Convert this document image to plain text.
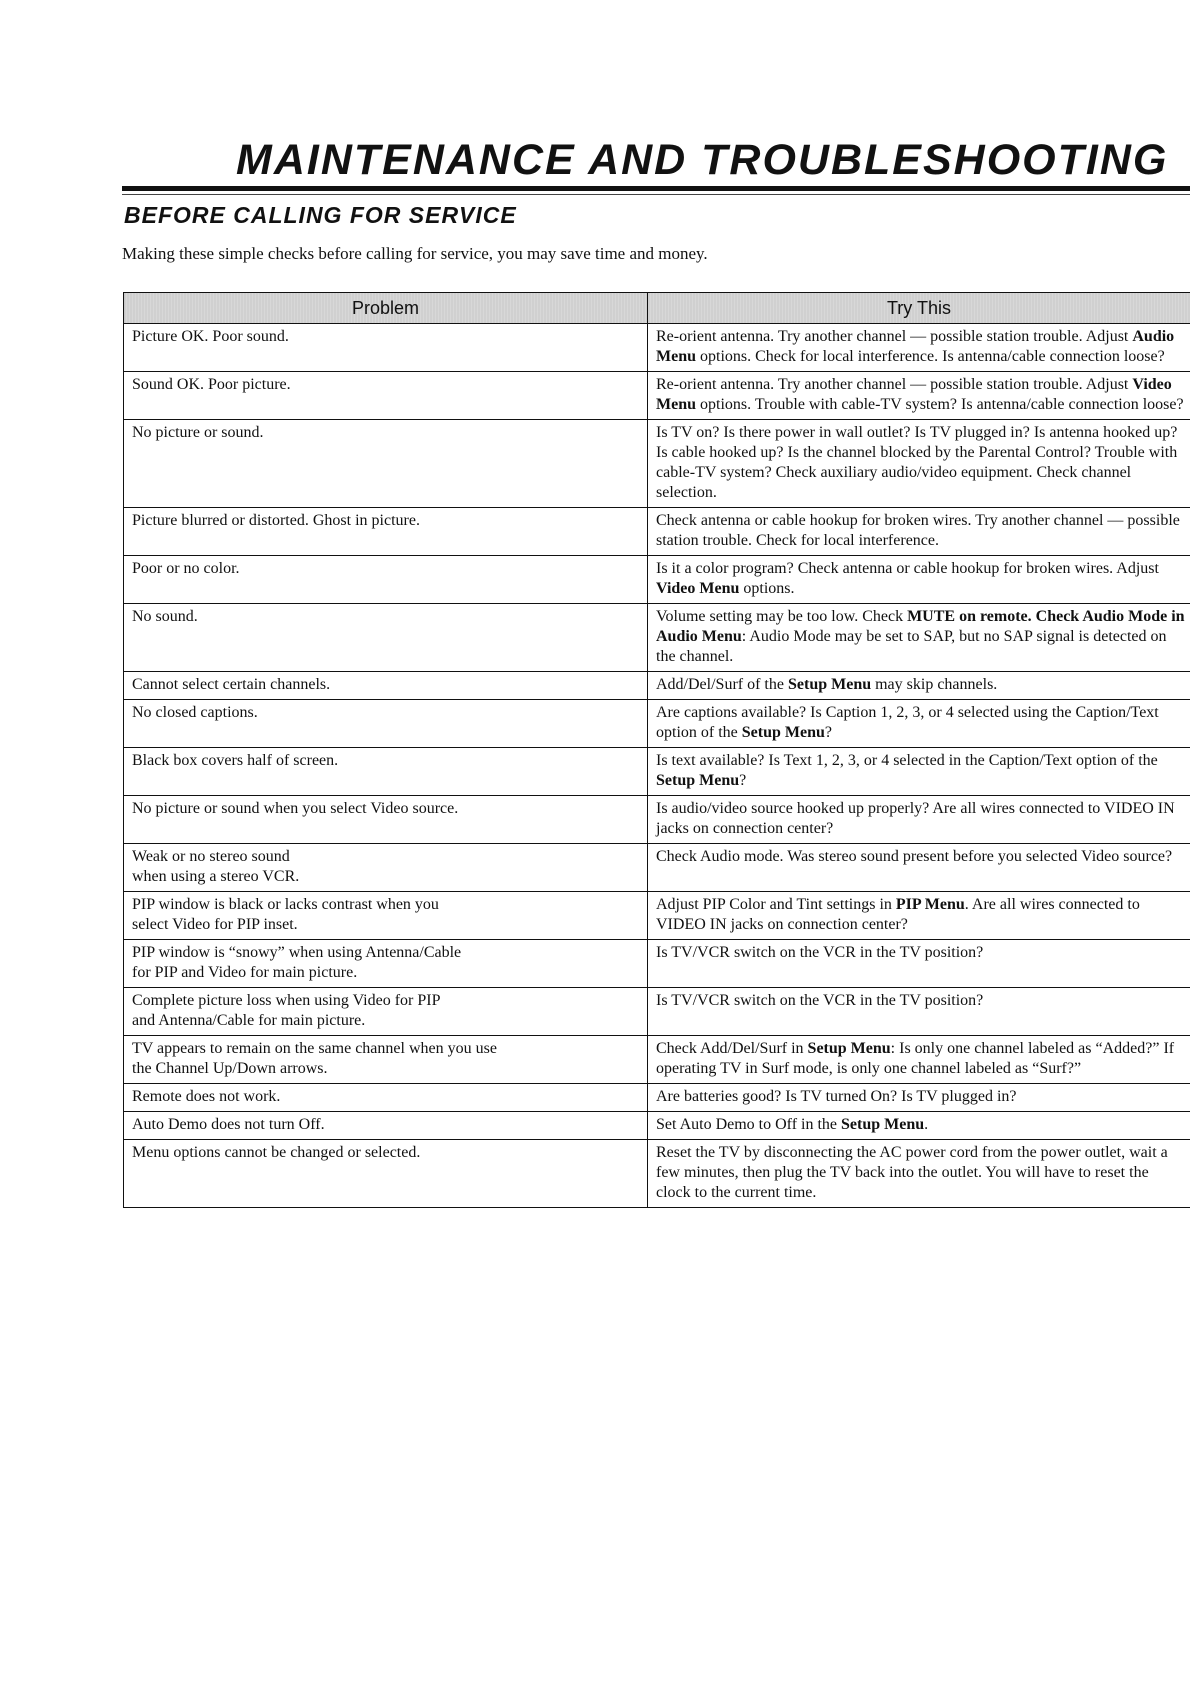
MAINTENANCE AND TROUBLESHOOTING
BEFORE CALLING FOR SERVICE
Making these simple checks before calling for service, you may save time and money.
Problem	Try This
Picture OK. Poor sound.	Re-orient antenna. Try another channel — possible station trouble. Adjust Audio Menu options. Check for local interference. Is antenna/cable connection loose?
Sound OK. Poor picture.	Re-orient antenna. Try another channel — possible station trouble. Adjust Video Menu options. Trouble with cable-TV system? Is antenna/cable connection loose?
No picture or sound.	Is TV on? Is there power in wall outlet? Is TV plugged in? Is antenna hooked up? Is cable hooked up? Is the channel blocked by the Parental Control? Trouble with cable-TV system? Check auxiliary audio/video equipment. Check channel selection.
Picture blurred or distorted. Ghost in picture.	Check antenna or cable hookup for broken wires. Try another channel — possible station trouble. Check for local interference.
Poor or no color.	Is it a color program? Check antenna or cable hookup for broken wires. Adjust Video Menu options.
No sound.	Volume setting may be too low. Check MUTE on remote. Check Audio Mode in Audio Menu: Audio Mode may be set to SAP, but no SAP signal is detected on the channel.
Cannot select certain channels.	Add/Del/Surf of the Setup Menu may skip channels.
No closed captions.	Are captions available? Is Caption 1, 2, 3, or 4 selected using the Caption/Text option of the Setup Menu?
Black box covers half of screen.	Is text available? Is Text 1, 2, 3, or 4 selected in the Caption/Text option of the Setup Menu?
No picture or sound when you select Video source.	Is audio/video source hooked up properly? Are all wires connected to VIDEO IN jacks on connection center?
Weak or no stereo sound
when using a stereo VCR.	Check Audio mode. Was stereo sound present before you selected Video source?
PIP window is black or lacks contrast when you
select Video for PIP inset.	Adjust PIP Color and Tint settings in PIP Menu. Are all wires connected to VIDEO IN jacks on connection center?
PIP window is “snowy” when using Antenna/Cable
for PIP and Video for main picture.	Is TV/VCR switch on the VCR in the TV position?
Complete picture loss when using Video for PIP
and Antenna/Cable for main picture.	Is TV/VCR switch on the VCR in the TV position?
TV appears to remain on the same channel when you use
the Channel Up/Down arrows.	Check Add/Del/Surf in Setup Menu: Is only one channel labeled as “Added?” If operating TV in Surf mode, is only one channel labeled as “Surf?”
Remote does not work.	Are batteries good? Is TV turned On? Is TV plugged in?
Auto Demo does not turn Off.	Set Auto Demo to Off in the Setup Menu.
Menu options cannot be changed or selected.	Reset the TV by disconnecting the AC power cord from the power outlet, wait a few minutes, then plug the TV back into the outlet. You will have to reset the clock to the current time.
